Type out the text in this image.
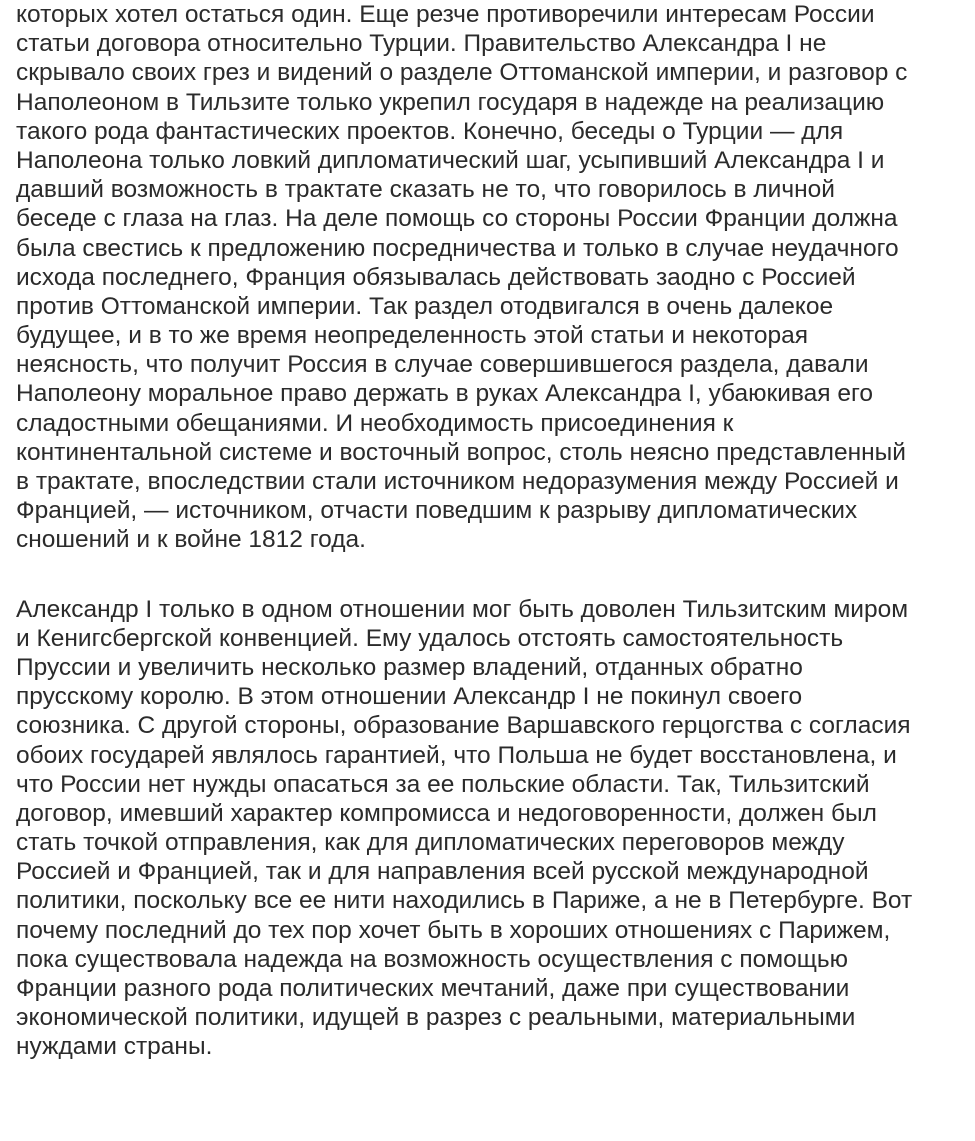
которых хотел остаться один. Еще резче противоречили интересам России
статьи договора относительно Турции. Правительство Александра I не
скрывало своих грез и видений о разделе Оттоманской империи, и разговор с
Наполеоном в Тильзите только укрепил государя в надежде на реализацию
такого рода фантастических проектов. Конечно, беседы о Турции — для
Наполеона только ловкий дипломатический шаг, усыпивший Александра I и
давший возможность в трактате сказать не то, что говорилось в личной
беседе с глаза на глаз. На деле помощь со стороны России Франции должна
была свестись к предложению посредничества и только в случае неудачного
исхода последнего, Франция обязывалась действовать заодно с Россией
против Оттоманской империи. Так раздел отодвигался в очень далекое
будущее, и в то же время неопределенность этой статьи и некоторая
неясность, что получит Россия в случае совершившегося раздела, давали
Наполеону моральное право держать в руках Александра I, убаюкивая его
сладостными обещаниями. И необходимость присоединения к
континентальной системе и восточный вопрос, столь неясно представленный
в трактате, впоследствии стали источником недоразумения между Россией и
Францией, — источником, отчасти поведшим к разрыву дипломатических
сношений и к войне 1812 года.
Александр I только в одном отношении мог быть доволен Тильзитским миром
и Кенигсбергской конвенцией. Ему удалось отстоять самостоятельность
Пруссии и увеличить несколько размер владений, отданных обратно
прусскому королю. В этом отношении Александр I не покинул своего
союзника. С другой стороны, образование Варшавского герцогства с согласия
обоих государей являлось гарантией, что Польша не будет восстановлена, и
что России нет нужды опасаться за ее польские области. Так, Тильзитский
договор, имевший характер компромисса и недоговоренности, должен был
стать точкой отправления, как для дипломатических переговоров между
Россией и Францией, так и для направления всей русской международной
политики, поскольку все ее нити находились в Париже, а не в Петербурге. Вот
почему последний до тех пор хочет быть в хороших отношениях с Парижем,
пока существовала надежда на возможность осуществления с помощью
Франции разного рода политических мечтаний, даже при существовании
экономической политики, идущей в разрез с реальными, материальными
нуждами страны.
